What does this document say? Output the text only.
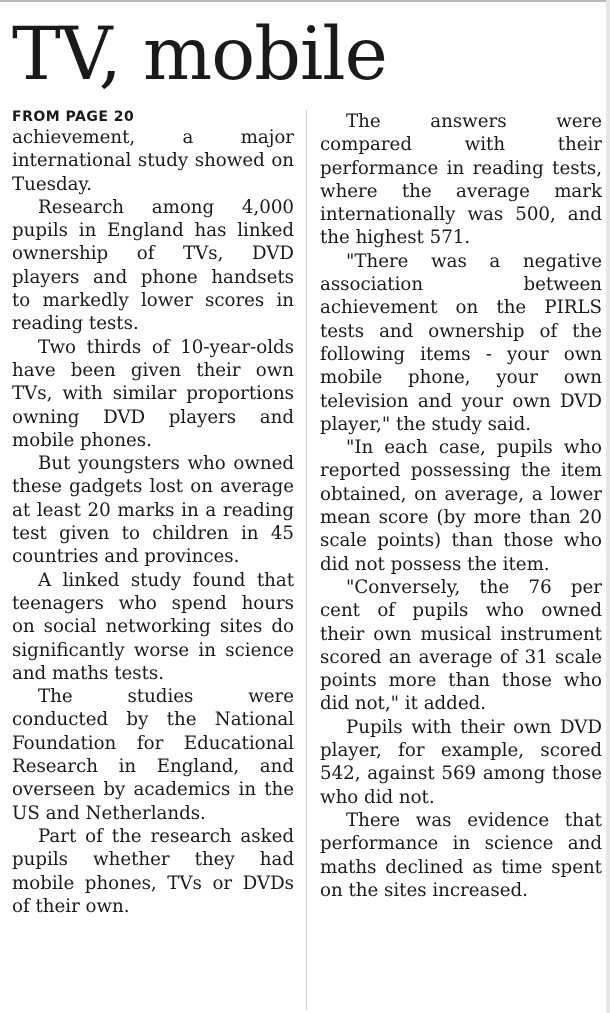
TV, mobile
FROM PAGE 20

achievement, a major international study showed on Tuesday.

Research among 4,000 pupils in England has linked ownership of TVs, DVD players and phone handsets to markedly lower scores in reading tests.

Two thirds of 10-year-olds have been given their own TVs, with similar proportions owning DVD players and mobile phones.

But youngsters who owned these gadgets lost on average at least 20 marks in a reading test given to children in 45 countries and provinces.

A linked study found that teenagers who spend hours on social networking sites do significantly worse in science and maths tests.

The studies were conducted by the National Foundation for Educational Research in England, and overseen by academics in the US and Netherlands.

Part of the research asked pupils whether they had mobile phones, TVs or DVDs of their own.

The answers were compared with their performance in reading tests, where the average mark internationally was 500, and the highest 571.

"There was a negative association between achievement on the PIRLS tests and ownership of the following items - your own mobile phone, your own television and your own DVD player," the study said.

"In each case, pupils who reported possessing the item obtained, on average, a lower mean score (by more than 20 scale points) than those who did not possess the item.

"Conversely, the 76 per cent of pupils who owned their own musical instrument scored an average of 31 scale points more than those who did not," it added.

Pupils with their own DVD player, for example, scored 542, against 569 among those who did not.

There was evidence that performance in science and maths declined as time spent on the sites increased.
